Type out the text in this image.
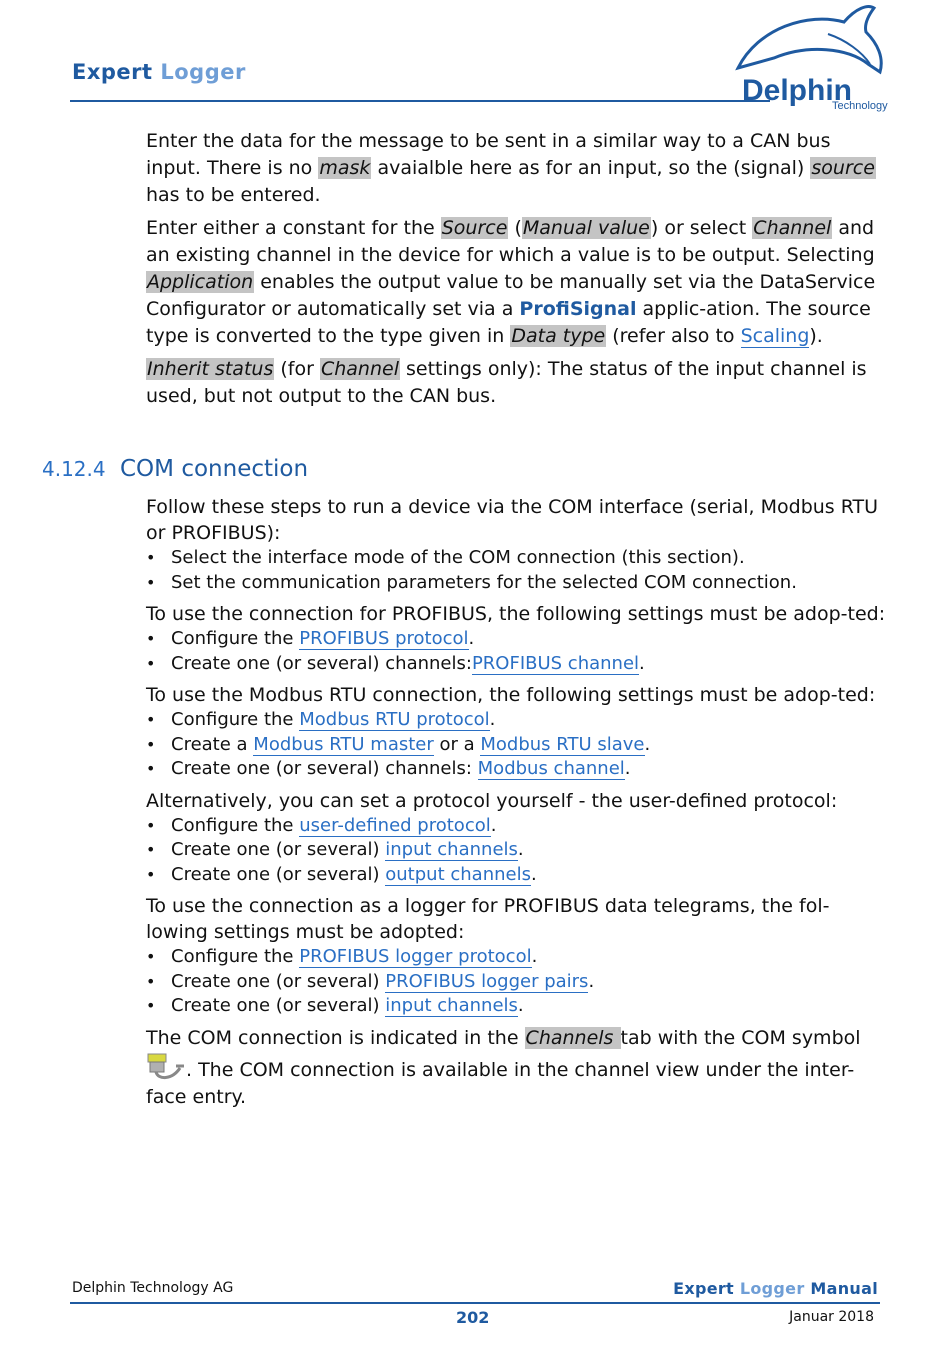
Expert Logger
Delphin
Technology

Enter the data for the message to be sent in a similar way to a CAN bus input. There is no mask avaialble here as for an input, so the (signal) source has to be entered.

Enter either a constant for the Source (Manual value) or select Channel and an existing channel in the device for which a value is to be output. Selecting Application enables the output value to be manually set via the DataService Configurator or automatically set via a ProfiSignal applic-ation. The source type is converted to the type given in Data type (refer also to Scaling).

Inherit status (for Channel settings only): The status of the input channel is used, but not output to the CAN bus.

4.12.4 COM connection

Follow these steps to run a device via the COM interface (serial, Modbus RTU or PROFIBUS):

• Select the interface mode of the COM connection (this section).
• Set the communication parameters for the selected COM connection.

To use the connection for PROFIBUS, the following settings must be adop-ted:

• Configure the PROFIBUS protocol.
• Create one (or several) channels:PROFIBUS channel.

To use the Modbus RTU connection, the following settings must be adop-ted:

• Configure the Modbus RTU protocol.
• Create a Modbus RTU master or a Modbus RTU slave.
• Create one (or several) channels: Modbus channel.

Alternatively, you can set a protocol yourself - the user-defined protocol:

• Configure the user-defined protocol.
• Create one (or several) input channels.
• Create one (or several) output channels.

To use the connection as a logger for PROFIBUS data telegrams, the fol-lowing settings must be adopted:

• Configure the PROFIBUS logger protocol.
• Create one (or several) PROFIBUS logger pairs.
• Create one (or several) input channels.

The COM connection is indicated in the Channels tab with the COM symbol . The COM connection is available in the channel view under the inter-face entry.

Delphin Technology AG	Expert Logger Manual
202	Januar 2018
